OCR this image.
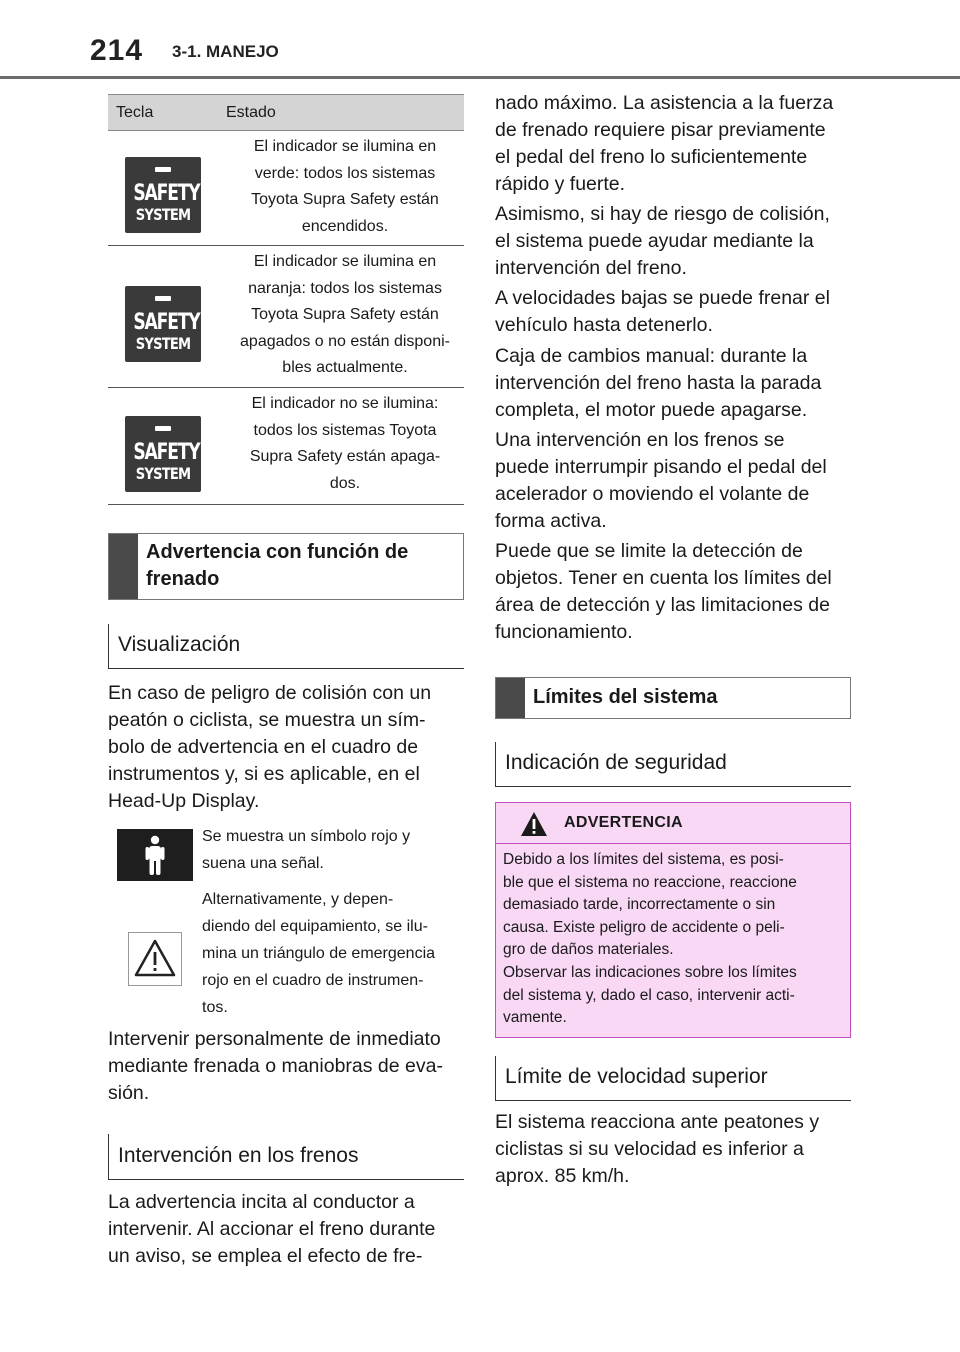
214 3-1. MANEJO
Tecla	Estado
SAFETY
SYSTEM
El indicador se ilumina en
verde: todos los sistemas
Toyota Supra Safety están
encendidos.
SAFETY
SYSTEM
El indicador se ilumina en
naranja: todos los sistemas
Toyota Supra Safety están
apagados o no están disponi-
bles actualmente.
SAFETY
SYSTEM
El indicador no se ilumina:
todos los sistemas Toyota
Supra Safety están apaga-
dos.
Advertencia con función de
frenado
Visualización
En caso de peligro de colisión con un
peatón o ciclista, se muestra un sím-
bolo de advertencia en el cuadro de
instrumentos y, si es aplicable, en el
Head-Up Display.
Se muestra un símbolo rojo y
suena una señal.
Alternativamente, y depen-
diendo del equipamiento, se ilu-
mina un triángulo de emergencia
rojo en el cuadro de instrumen-
tos.
Intervenir personalmente de inmediato
mediante frenada o maniobras de eva-
sión.
Intervención en los frenos
La advertencia incita al conductor a
intervenir. Al accionar el freno durante
un aviso, se emplea el efecto de fre-
nado máximo. La asistencia a la fuerza
de frenado requiere pisar previamente
el pedal del freno lo suficientemente
rápido y fuerte.
Asimismo, si hay de riesgo de colisión,
el sistema puede ayudar mediante la
intervención del freno.
A velocidades bajas se puede frenar el
vehículo hasta detenerlo.
Caja de cambios manual: durante la
intervención del freno hasta la parada
completa, el motor puede apagarse.
Una intervención en los frenos se
puede interrumpir pisando el pedal del
acelerador o moviendo el volante de
forma activa.
Puede que se limite la detección de
objetos. Tener en cuenta los límites del
área de detección y las limitaciones de
funcionamiento.
Límites del sistema
Indicación de seguridad
ADVERTENCIA
Debido a los límites del sistema, es posi-
ble que el sistema no reaccione, reaccione
demasiado tarde, incorrectamente o sin
causa. Existe peligro de accidente o peli-
gro de daños materiales.
Observar las indicaciones sobre los límites
del sistema y, dado el caso, intervenir acti-
vamente.
Límite de velocidad superior
El sistema reacciona ante peatones y
ciclistas si su velocidad es inferior a
aprox. 85 km/h.
